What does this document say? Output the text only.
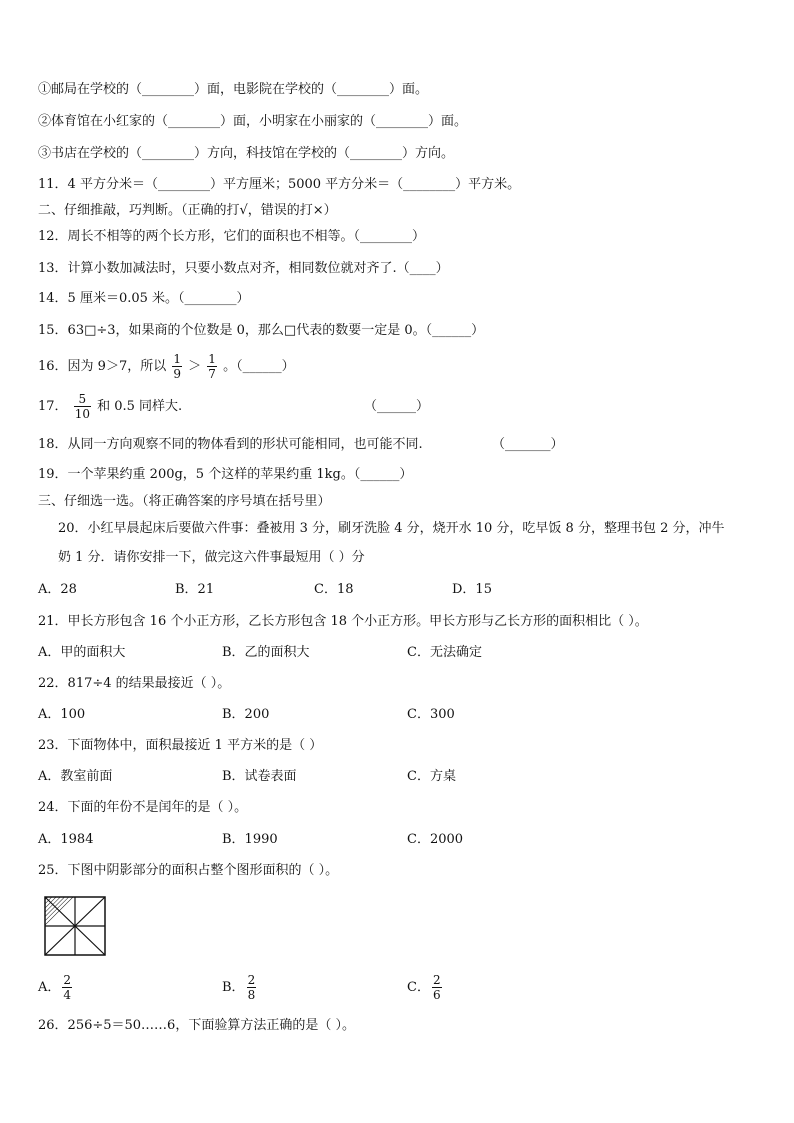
①邮局在学校的（________）面，电影院在学校的（________）面。
②体育馆在小红家的（________）面，小明家在小丽家的（________）面。
③书店在学校的（________）方向，科技馆在学校的（________）方向。
11．4 平方分米＝（________）平方厘米；5000 平方分米＝（________）平方米。
二、仔细推敲，巧判断。（正确的打√，错误的打×）
12．周长不相等的两个长方形，它们的面积也不相等。（________）
13．计算小数加减法时，只要小数点对齐，相同数位就对齐了.（____）
14．5 厘米＝0.05 米。（________）
15．63□÷3，如果商的个位数是 0，那么□代表的数要一定是 0。（______）
16．因为 9＞7，所以 $\frac{1}{9} > \frac{1}{7}$ 。（______）
17． $\frac{5}{10}$ 和 0.5 同样大.	（______）
18．从同一方向观察不同的物体看到的形状可能相同，也可能不同.	（_______）
19．一个苹果约重 200g，5 个这样的苹果约重 1kg。（______）
三、仔细选一选。（将正确答案的序号填在括号里）
20．小红早晨起床后要做六件事：叠被用 3 分，刷牙洗脸 4 分，烧开水 10 分，吃早饭 8 分，整理书包 2 分，冲牛
奶 1 分．请你安排一下，做完这六件事最短用（ ）分
A．28	B．21	C．18	D．15
21．甲长方形包含 16 个小正方形，乙长方形包含 18 个小正方形。甲长方形与乙长方形的面积相比（ ）。
A．甲的面积大	B．乙的面积大	C．无法确定
22．817÷4 的结果最接近（ ）。
A．100	B．200	C．300
23．下面物体中，面积最接近 1 平方米的是（ ）
A．教室前面	B．试卷表面	C．方桌
24．下面的年份不是闰年的是（ ）。
A．1984	B．1990	C．2000
25．下图中阴影部分的面积占整个图形面积的（ ）。
A． $\frac{2}{4}$	B． $\frac{2}{8}$	C． $\frac{2}{6}$
26．256÷5＝50……6，下面验算方法正确的是（ ）。
